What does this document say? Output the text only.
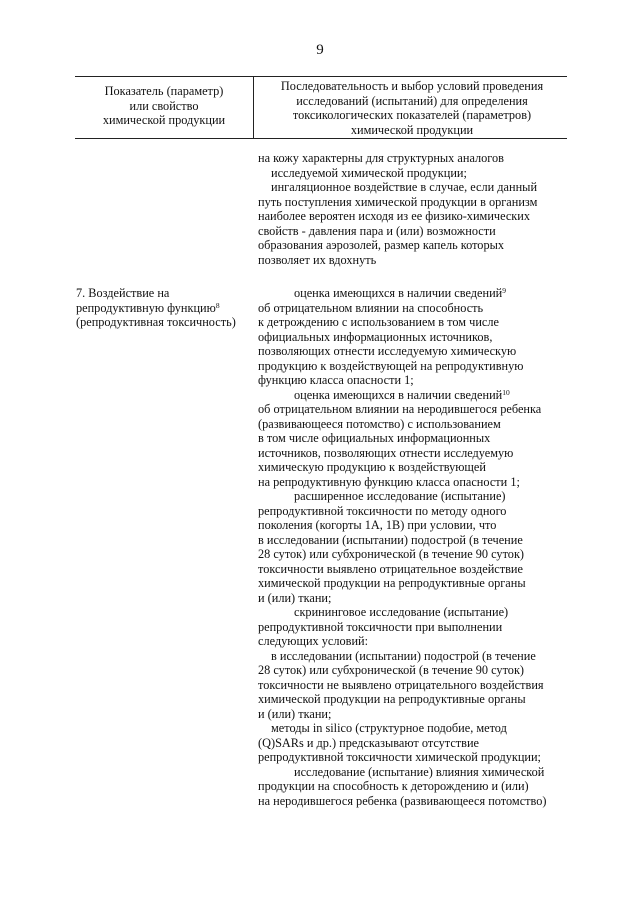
9
Показатель (параметр)
или свойство
химической продукции
Последовательность и выбор условий проведения
исследований (испытаний) для определения
токсикологических показателей (параметров)
химической продукции

на кожу характерны для структурных аналогов

исследуемой химической продукции;

ингаляционное воздействие в случае, если данный

путь поступления химической продукции в организм

наиболее вероятен исходя из ее физико-химических

свойств - давления пара и (или) возможности

образования аэрозолей, размер капель которых

позволяет их вдохнуть

7. Воздействие на
репродуктивную функцию$^8$
(репродуктивная токсичность)

оценка имеющихся в наличии сведений$^9$

об отрицательном влиянии на способность

к детрождению с использованием в том числе

официальных информационных источников,

позволяющих отнести исследуемую химическую

продукцию к воздействующей на репродуктивную

функцию класса опасности 1;

оценка имеющихся в наличии сведений$^{10}$

об отрицательном влиянии на неродившегося ребенка

(развивающееся потомство) с использованием

в том числе официальных информационных

источников, позволяющих отнести исследуемую

химическую продукцию к воздействующей

на репродуктивную функцию класса опасности 1;

расширенное исследование (испытание)

репродуктивной токсичности по методу одного

поколения (когорты 1А, 1В) при условии, что

в исследовании (испытании) подострой (в течение

28 суток) или субхронической (в течение 90 суток)

токсичности выявлено отрицательное воздействие

химической продукции на репродуктивные органы

и (или) ткани;

скрининговое исследование (испытание)

репродуктивной токсичности при выполнении

следующих условий:

в исследовании (испытании) подострой (в течение

28 суток) или субхронической (в течение 90 суток)

токсичности не выявлено отрицательного воздействия

химической продукции на репродуктивные органы

и (или) ткани;

методы in silico (структурное подобие, метод

(Q)SARs и др.) предсказывают отсутствие

репродуктивной токсичности химической продукции;

исследование (испытание) влияния химической

продукции на способность к деторождению и (или)

на неродившегося ребенка (развивающееся потомство)
